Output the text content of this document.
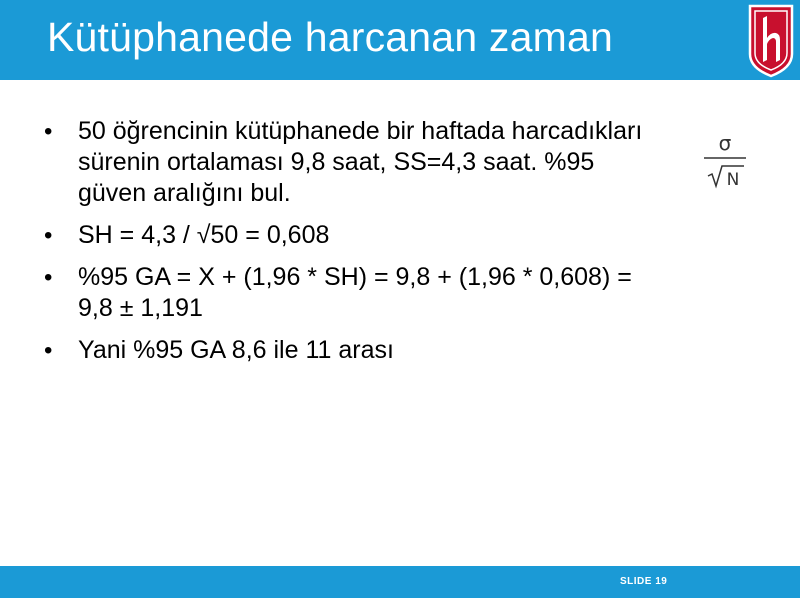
Kütüphanede harcanan zaman
• 50 öğrencinin kütüphanede bir haftada harcadıkları sürenin ortalaması 9,8 saat, SS=4,3 saat. %95 güven aralığını bul.
• SH = 4,3 / √50 = 0,608
• %95 GA = X + (1,96 * SH) = 9,8 + (1,96 * 0,608) = 9,8 ± 1,191
• Yani %95 GA 8,6 ile 11 arası
σ
N
SLIDE 19
